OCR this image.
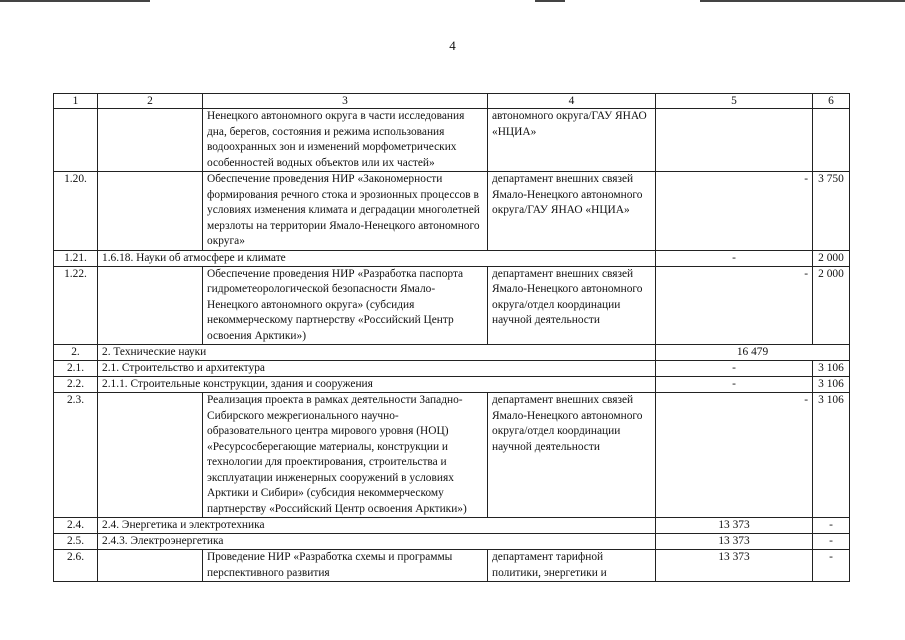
4
1	2	3	4	5	6
		Ненецкого автономного округа в части исследования дна, берегов, состояния и режима использования водоохранных зон и изменений морфометрических особенностей водных объектов или их частей»	автономного округа/ГАУ ЯНАО «НЦИА»		
1.20.		Обеспечение проведения НИР «Закономерности формирования речного стока и эрозионных процессов в условиях изменения климата и деградации многолетней мерзлоты на территории Ямало-Ненецкого автономного округа»	департамент внешних связей Ямало-Ненецкого автономного округа/ГАУ ЯНАО «НЦИА»	-	3 750
1.21.	1.6.18. Науки об атмосфере и климате			-	2 000
1.22.		Обеспечение проведения НИР «Разработка паспорта гидрометеорологической безопасности Ямало-Ненецкого автономного округа» (субсидия некоммерческому партнерству «Российский Центр освоения Арктики»)	департамент внешних связей Ямало-Ненецкого автономного округа/отдел координации научной деятельности	-	2 000
2.	2. Технические науки			16 479	
2.1.	2.1. Строительство и архитектура			-	3 106
2.2.	2.1.1. Строительные конструкции, здания и сооружения			-	3 106
2.3.		Реализация проекта в рамках деятельности Западно-Сибирского межрегионального научно-образовательного центра мирового уровня (НОЦ) «Ресурсосберегающие материалы, конструкции и технологии для проектирования, строительства и эксплуатации инженерных сооружений в условиях Арктики и Сибири» (субсидия некоммерческому партнерству «Российский Центр освоения Арктики»)	департамент внешних связей Ямало-Ненецкого автономного округа/отдел координации научной деятельности	-	3 106
2.4.	2.4. Энергетика и электротехника			13 373	-
2.5.	2.4.3. Электроэнергетика			13 373	-
2.6.		Проведение НИР «Разработка схемы и программы перспективного развития	департамент тарифной политики, энергетики и	13 373	-
